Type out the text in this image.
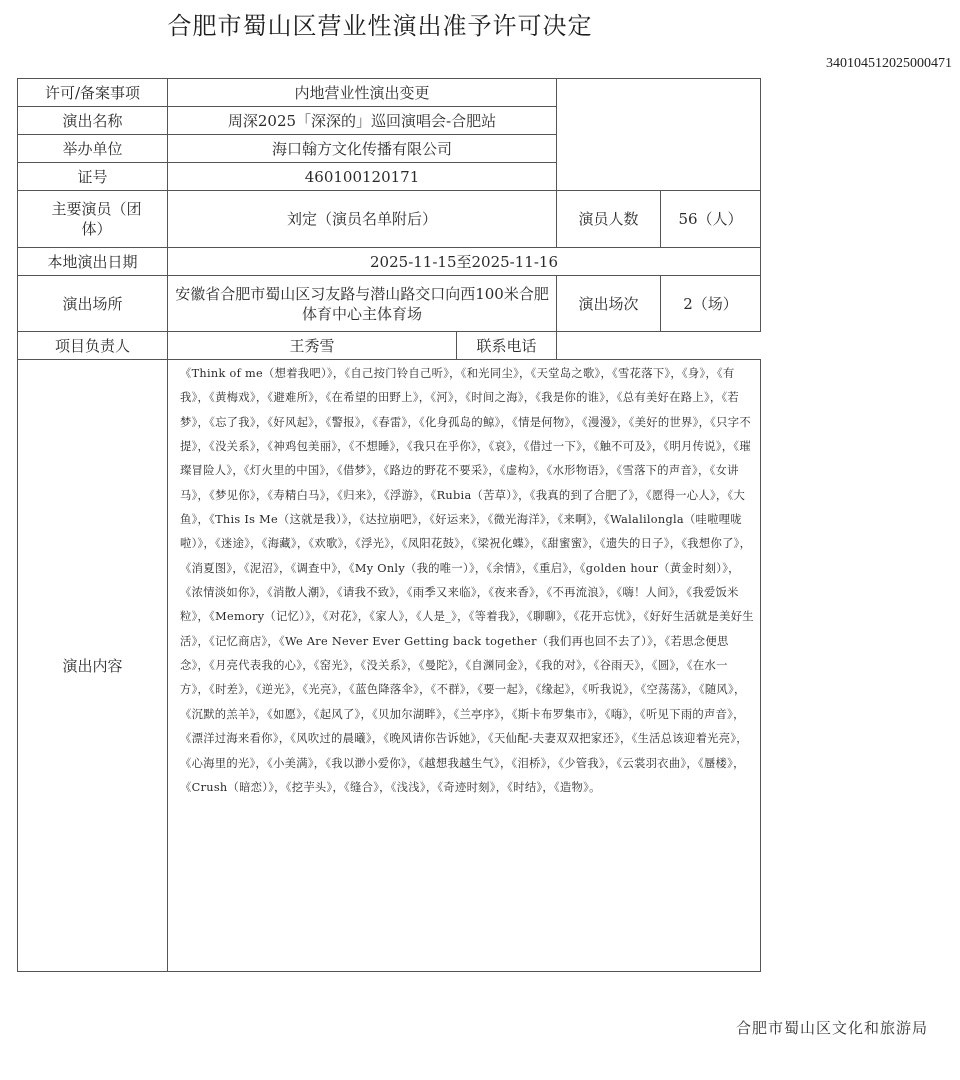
合肥市蜀山区营业性演出准予许可决定
340104512025000471
许可/备案事项	内地营业性演出变更			
演出名称	周深2025「深深的」巡回演唱会-合肥站			
举办单位	海口翰方文化传播有限公司			
证号	460100120171			
主要演员（团体）	刘定（演员名单附后）		演员人数	56（人）
本地演出日期	2025-11-15至2025-11-16			
演出场所	安徽省合肥市蜀山区习友路与潜山路交口向西100米合肥体育中心主体育场		演出场次	2（场）
项目负责人	王秀雪	联系电话		
演出内容	《Think of me（想着我吧）》，《自己按门铃自己听》，《和光同尘》，《天堂岛之歌》，《雪花落下》，《身》，《有我》，《黄梅戏》，《避难所》，《在希望的田野上》，《河》，《时间之海》，《我是你的谁》，《总有美好在路上》，《若梦》，《忘了我》，《好风起》，《警报》，《春雷》，《化身孤岛的鲸》，《情是何物》，《漫漫》，《美好的世界》，《只字不提》，《没关系》，《神鸡包美丽》，《不想睡》，《我只在乎你》，《哀》，《借过一下》，《触不可及》，《明月传说》，《璀璨冒险人》，《灯火里的中国》，《借梦》，《路边的野花不要采》，《虚构》，《水形物语》，《雪落下的声音》，《女讲马》，《梦见你》，《寿精白马》，《归来》，《浮游》，《Rubia（苦草）》，《我真的到了合肥了》，《愿得一心人》，《大鱼》，《This Is Me（这就是我）》，《达拉崩吧》，《好运来》，《微光海洋》，《来啊》，《Walalilongla（哇啦哩咙啦）》，《迷途》，《海藏》，《欢歌》，《浮光》，《凤阳花鼓》，《梁祝化蝶》，《甜蜜蜜》，《遗失的日子》，《我想你了》，《消夏图》，《泥沼》，《调查中》，《My Only（我的唯一）》，《余情》，《重启》，《golden hour（黄金时刻）》，《浓情淡如你》，《消散人潮》，《请我不致》，《雨季又来临》，《夜来香》，《不再流浪》，《嗨！人间》，《我爱饭米粒》，《Memory（记忆）》，《对花》，《家人》，《人是_》，《等着我》，《聊聊》，《花开忘忧》，《好好生活就是美好生活》，《记忆商店》，《We Are Never Ever Getting back together（我们再也回不去了）》，《若思念便思念》，《月亮代表我的心》，《窑光》，《没关系》，《曼陀》，《自渊同金》，《我的对》，《谷雨天》，《圆》，《在水一方》，《时差》，《逆光》，《光亮》，《蓝色降落伞》，《不群》，《要一起》，《缘起》，《听我说》，《空荡荡》，《随风》，《沉默的羔羊》，《如愿》，《起风了》，《贝加尔湖畔》，《兰亭序》，《斯卡布罗集市》，《嗨》，《听见下雨的声音》，《漂洋过海来看你》，《风吹过的晨曦》，《晚风请你告诉她》，《天仙配-夫妻双双把家还》，《生活总该迎着光亮》，《心海里的光》，《小美满》，《我以渺小爱你》，《越想我越生气》，《泪桥》，《少管我》，《云裳羽衣曲》，《蜃楼》，《Crush（暗恋）》，《挖芋头》，《缝合》，《浅浅》，《奇迹时刻》，《时结》，《造物》。			
合肥市蜀山区文化和旅游局
